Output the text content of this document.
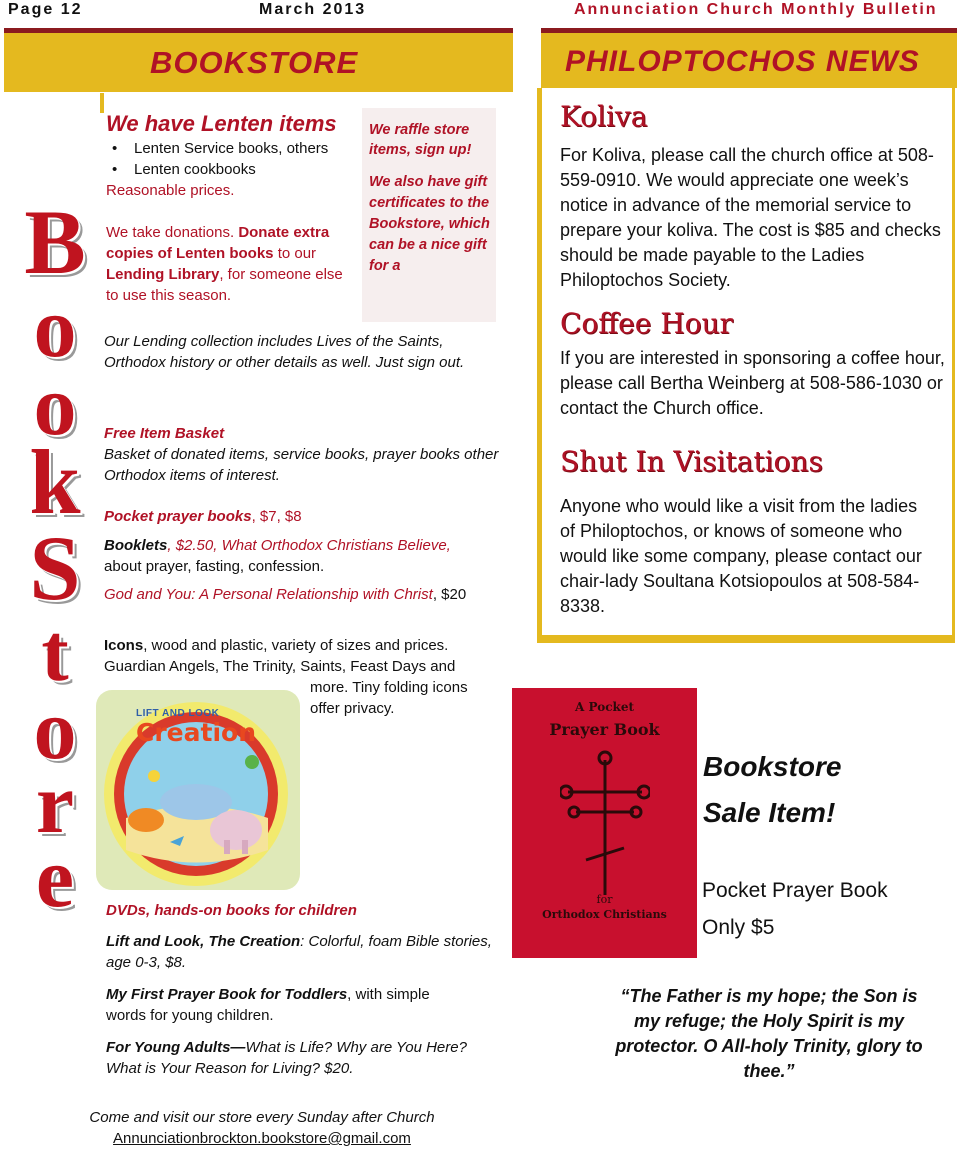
Page 12	March 2013	Annunciation Church Monthly Bulletin
BOOKSTORE	PHILOPTOCHOS NEWS
B
o
o
k
S
t
o
r
e
We have Lenten items
• Lenten Service books, others
• Lenten cookbooks
Reasonable prices.
We take donations. Donate extra copies of Lenten books to our Lending Library, for someone else to use this season.
We raffle store items, sign up!
We also have gift certificates to the Bookstore, which can be a nice gift for a
Our Lending collection includes Lives of the Saints, Orthodox history or other details as well. Just sign out.
Free Item Basket
Basket of donated items, service books, prayer books other Orthodox items of interest.
Pocket prayer books, $7, $8
Booklets, $2.50, What Orthodox Christians Believe,
about prayer, fasting, confession.
God and You: A Personal Relationship with Christ, $20
Icons, wood and plastic, variety of sizes and prices.
Guardian Angels, The Trinity, Saints, Feast Days and
more. Tiny folding icons offer privacy.
LIFT AND LOOK
Creation
DVDs, hands-on books for children
Lift and Look, The Creation: Colorful, foam Bible stories, age 0-3, $8.
My First Prayer Book for Toddlers, with simple words for young children.
For Young Adults—What is Life? Why are You Here? What is Your Reason for Living? $20.
Come and visit our store every Sunday after Church
Annunciationbrockton.bookstore@gmail.com
Koliva
For Koliva, please call the church office at 508-559-0910. We would appreciate one week’s notice in advance of the memorial service to prepare your koliva. The cost is $85 and checks should be made payable to the Ladies Philoptochos Society.
Coffee Hour
If you are interested in sponsoring a coffee hour, please call Bertha Weinberg at 508-586-1030 or contact the Church office.
Shut In Visitations
Anyone who would like a visit from the ladies of Philoptochos, or knows of someone who would like some company, please contact our chair-lady Soultana Kotsiopoulos at 508-584-8338.
A Pocket
Prayer Book
for
Orthodox Christians
Bookstore
Sale Item!
Pocket Prayer Book
Only $5
“The Father is my hope; the Son is my refuge; the Holy Spirit is my protector. O All-holy Trinity, glory to thee.”
